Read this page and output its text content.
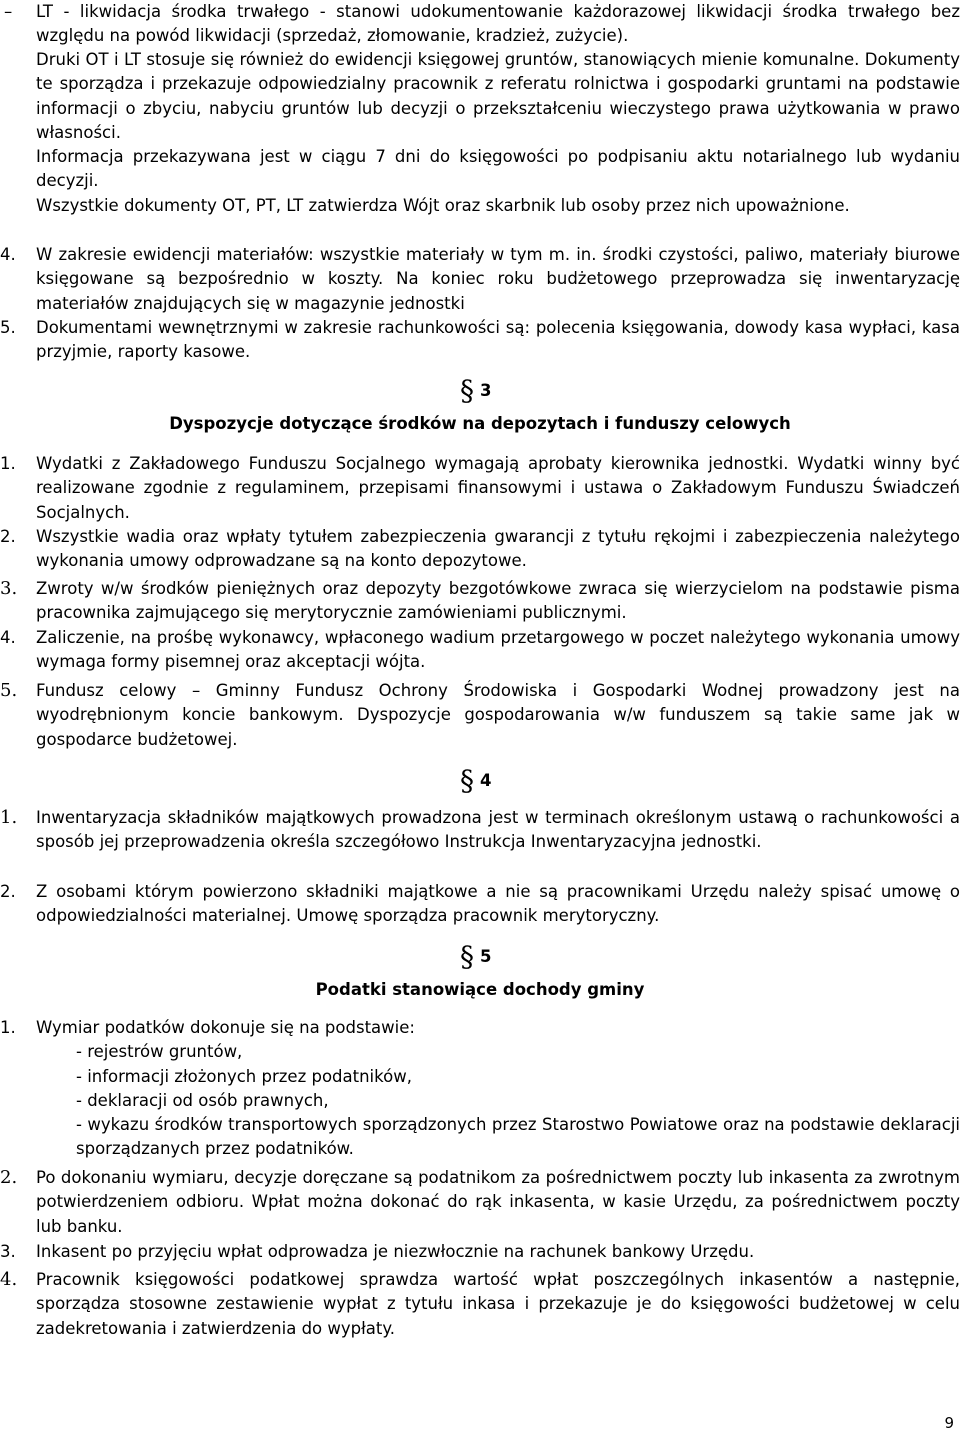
– LT - likwidacja środka trwałego - stanowi udokumentowanie każdorazowej likwidacji środka trwałego bez względu na powód likwidacji (sprzedaż, złomowanie, kradzież, zużycie).
Druki OT i LT stosuje się również do ewidencji księgowej gruntów, stanowiących mienie komunalne. Dokumenty te sporządza i przekazuje odpowiedzialny pracownik z referatu rolnictwa i gospodarki gruntami na podstawie informacji o zbyciu, nabyciu gruntów lub decyzji o przekształceniu wieczystego prawa użytkowania w prawo własności.
Informacja przekazywana jest w ciągu 7 dni do księgowości po podpisaniu aktu notarialnego lub wydaniu decyzji.
Wszystkie dokumenty OT, PT, LT zatwierdza Wójt oraz skarbnik lub osoby przez nich upoważnione.
4.	W zakresie ewidencji materiałów: wszystkie materiały w tym m. in. środki czystości, paliwo, materiały biurowe księgowane są bezpośrednio w koszty. Na koniec roku budżetowego przeprowadza się inwentaryzację materiałów znajdujących się w magazynie jednostki
5.	Dokumentami wewnętrznymi w zakresie rachunkowości są: polecenia księgowania, dowody kasa wypłaci, kasa przyjmie, raporty kasowe.
§ 3
Dyspozycje dotyczące środków na depozytach i funduszy celowych
1.	Wydatki z Zakładowego Funduszu Socjalnego wymagają aprobaty kierownika jednostki. Wydatki winny być realizowane zgodnie z regulaminem, przepisami finansowymi i ustawa o Zakładowym Funduszu Świadczeń Socjalnych.
2.	Wszystkie wadia oraz wpłaty tytułem zabezpieczenia gwarancji z tytułu rękojmi i zabezpieczenia należytego wykonania umowy odprowadzane są na konto depozytowe.
3.	Zwroty w/w środków pieniężnych oraz depozyty bezgotówkowe zwraca się wierzycielom na podstawie pisma pracownika zajmującego się merytorycznie zamówieniami publicznymi.
4.	Zaliczenie, na prośbę wykonawcy, wpłaconego wadium przetargowego w poczet należytego wykonania umowy wymaga formy pisemnej oraz akceptacji wójta.
5.	Fundusz celowy – Gminny Fundusz Ochrony Środowiska i Gospodarki Wodnej prowadzony jest na wyodrębnionym koncie bankowym. Dyspozycje gospodarowania w/w funduszem są takie same jak w gospodarce budżetowej.
§ 4
1.	Inwentaryzacja składników majątkowych prowadzona jest w terminach określonym ustawą o rachunkowości a sposób jej przeprowadzenia określa szczegółowo Instrukcja Inwentaryzacyjna jednostki.
2.	Z osobami którym powierzono składniki majątkowe a nie są pracownikami Urzędu należy spisać umowę o odpowiedzialności materialnej. Umowę sporządza pracownik merytoryczny.
§ 5
Podatki stanowiące dochody gminy
1.	Wymiar podatków dokonuje się na podstawie:
- rejestrów gruntów,
- informacji złożonych przez podatników,
- deklaracji od osób prawnych,
- wykazu środków transportowych sporządzonych przez Starostwo Powiatowe oraz na podstawie deklaracji sporządzanych przez podatników.
2.	Po dokonaniu wymiaru, decyzje doręczane są podatnikom za pośrednictwem poczty lub inkasenta za zwrotnym potwierdzeniem odbioru. Wpłat można dokonać do rąk inkasenta, w kasie Urzędu, za pośrednictwem poczty lub banku.
3.	Inkasent po przyjęciu wpłat odprowadza je niezwłocznie na rachunek bankowy Urzędu.
4.	Pracownik księgowości podatkowej sprawdza wartość wpłat poszczególnych inkasentów a następnie, sporządza stosowne zestawienie wypłat z tytułu inkasa i przekazuje je do księgowości budżetowej w celu zadekretowania i zatwierdzenia do wypłaty.
9
